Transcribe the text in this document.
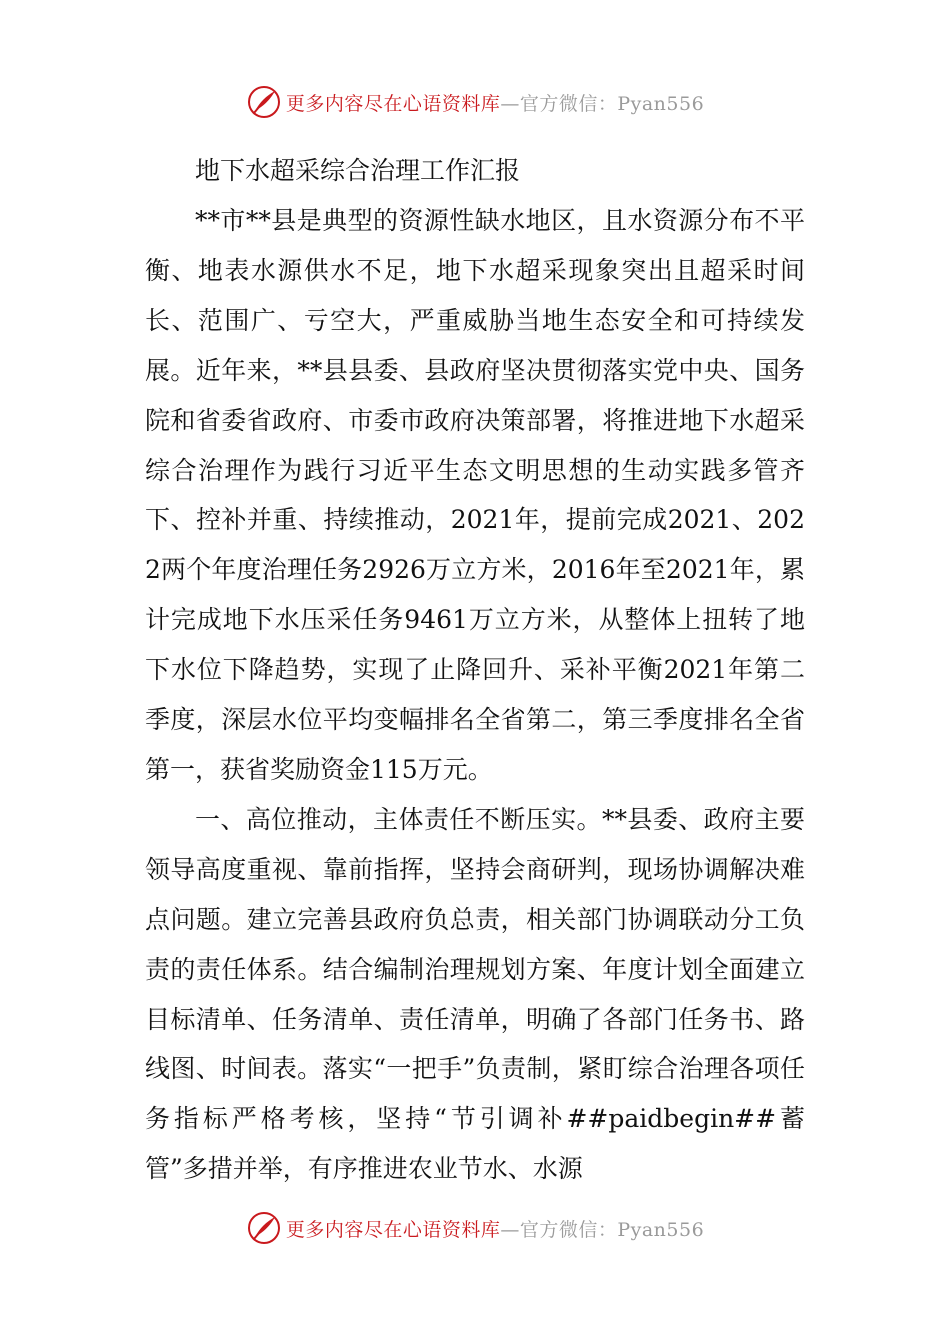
更多内容尽在心语资料库 —官方微信：Pyan556

地下水超采综合治理工作汇报

**市**县是典型的资源性缺水地区，且水资源分布不平衡、地表水源供水不足，地下水超采现象突出且超采时间长、范围广、亏空大，严重威胁当地生态安全和可持续发展。近年来，**县县委、县政府坚决贯彻落实党中央、国务院和省委省政府、市委市政府决策部署，将推进地下水超采综合治理作为践行习近平生态文明思想的生动实践多管齐下、控补并重、持续推动，2021年，提前完成2021、2022两个年度治理任务2926万立方米，2016年至2021年，累计完成地下水压采任务9461万立方米，从整体上扭转了地下水位下降趋势，实现了止降回升、采补平衡2021年第二季度，深层水位平均变幅排名全省第二，第三季度排名全省第一，获省奖励资金115万元。

一、高位推动，主体责任不断压实。**县委、政府主要领导高度重视、靠前指挥，坚持会商研判，现场协调解决难点问题。建立完善县政府负总责，相关部门协调联动分工负责的责任体系。结合编制治理规划方案、年度计划全面建立目标清单、任务清单、责任清单，明确了各部门任务书、路线图、时间表。落实“一把手”负责制，紧盯综合治理各项任务指标严格考核，坚持“节引调补##paidbegin##蓄管”多措并举，有序推进农业节水、水源

更多内容尽在心语资料库 —官方微信：Pyan556
